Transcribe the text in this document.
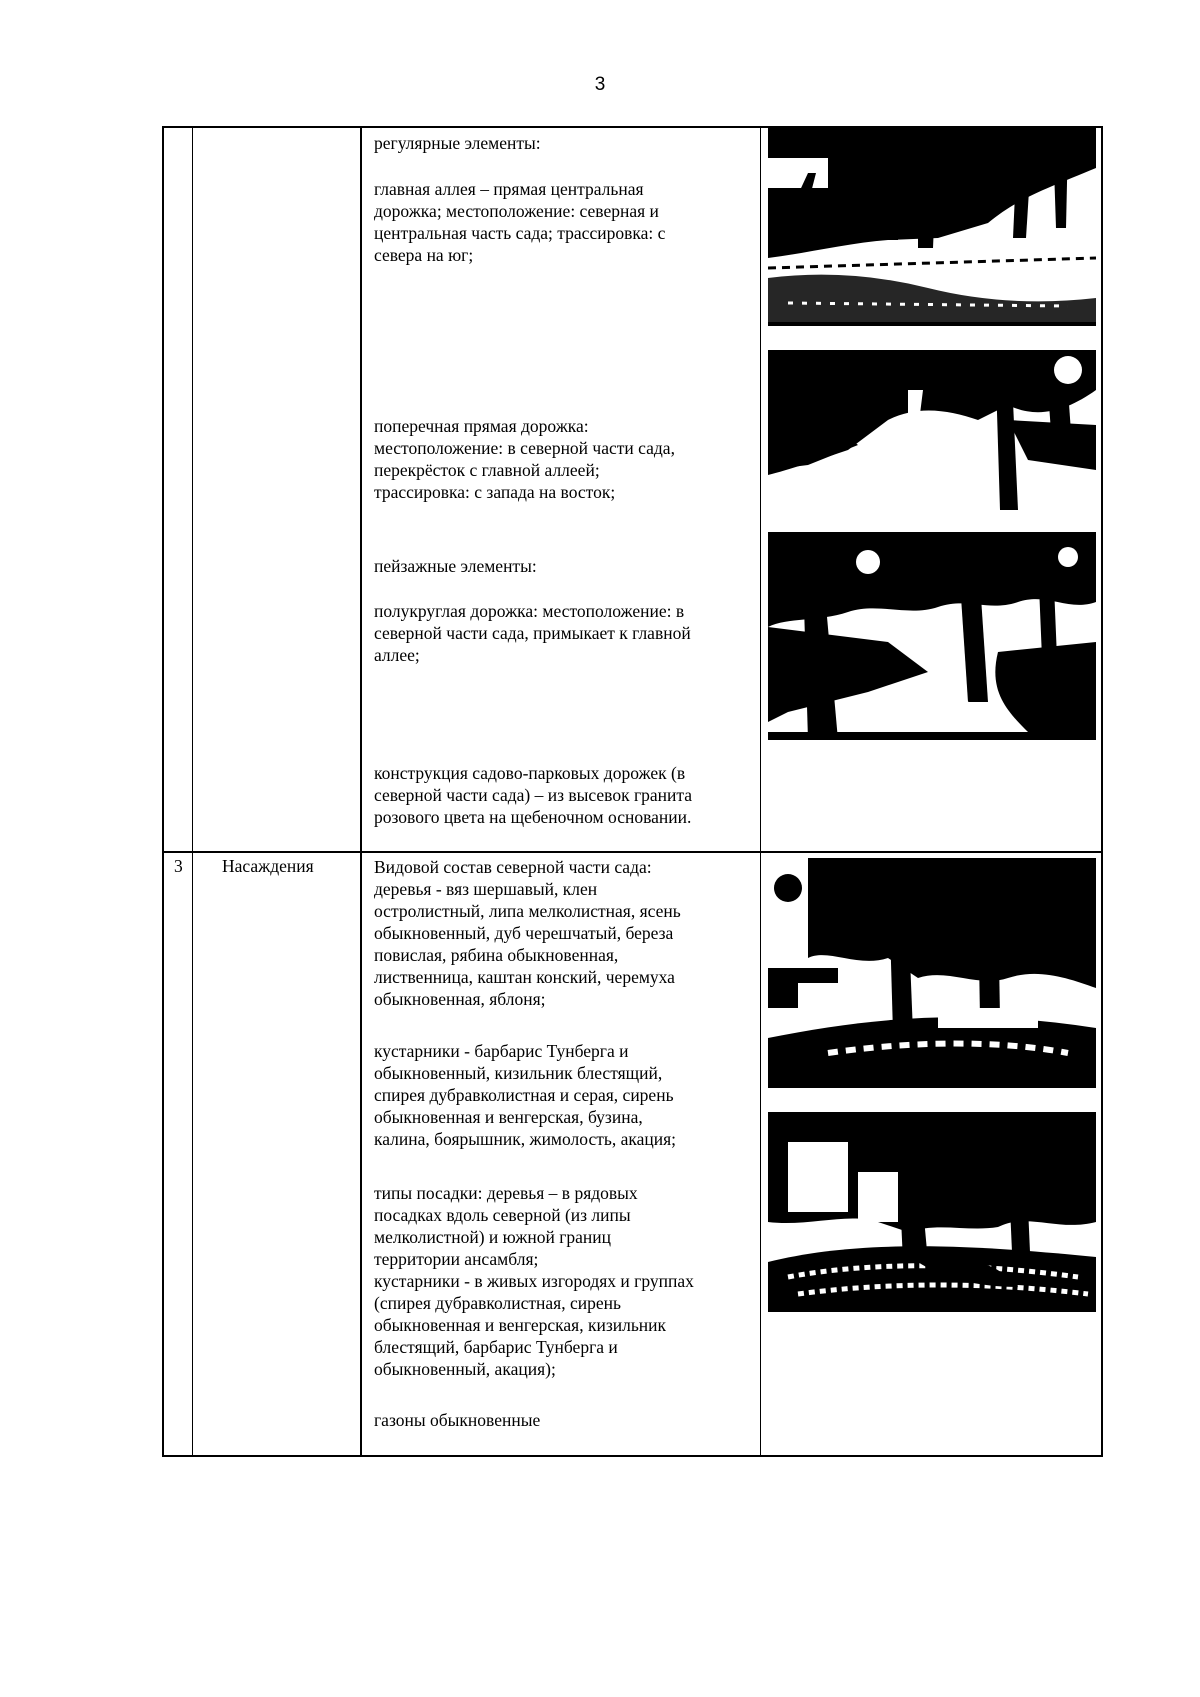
3
регулярные элементы:
главная аллея – прямая центральная
дорожка; местоположение: северная и
центральная часть сада; трассировка: с
севера на юг;
поперечная прямая дорожка:
местоположение: в северной части сада,
перекрёсток с главной аллеей;
трассировка: с запада на восток;
пейзажные элементы:
полукруглая дорожка: местоположение: в
северной части сада, примыкает к главной
аллее;
конструкция садово-парковых дорожек (в
северной части сада) – из высевок гранита
розового цвета на щебеночном основании.
3 Насаждения	Видовой состав северной части сада:
деревья - вяз шершавый, клен
остролистный, липа мелколистная, ясень
обыкновенный, дуб черешчатый, береза
повислая, рябина обыкновенная,
лиственница, каштан конский, черемуха
обыкновенная, яблоня;
кустарники - барбарис Тунберга и
обыкновенный, кизильник блестящий,
спирея дубравколистная и серая, сирень
обыкновенная и венгерская, бузина,
калина, боярышник, жимолость, акация;
типы посадки: деревья – в рядовых
посадках вдоль северной (из липы
мелколистной) и южной границ
территории ансамбля;
кустарники - в живых изгородях и группах
(спирея дубравколистная, сирень
обыкновенная и венгерская, кизильник
блестящий, барбарис Тунберга и
обыкновенный, акация);
газоны обыкновенные
